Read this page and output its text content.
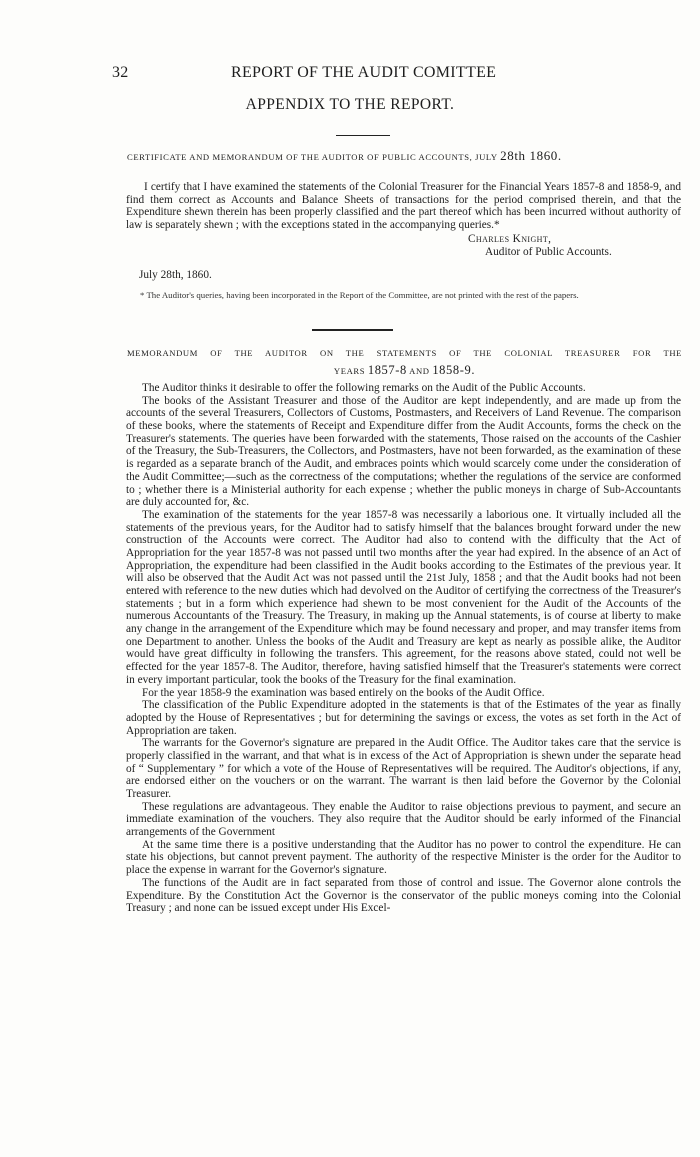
32	REPORT OF THE AUDIT COMITTEE
APPENDIX TO THE REPORT.
CERTIFICATE AND MEMORANDUM OF THE AUDITOR OF PUBLIC ACCOUNTS, JULY 28th 1860.
I certify that I have examined the statements of the Colonial Treasurer for the Financial Years 1857-8 and 1858-9, and find them correct as Accounts and Balance Sheets of transactions for the period comprised therein, and that the Expenditure shewn therein has been properly classified and the part thereof which has been incurred without authority of law is separately shewn ; with the exceptions stated in the accompanying queries.*
Charles Knight,
Auditor of Public Accounts.
July 28th, 1860.
* The Auditor's queries, having been incorporated in the Report of the Committee, are not printed with the rest of the papers.
MEMORANDUM OF THE AUDITOR ON THE STATEMENTS OF THE COLONIAL TREASURER FOR THE
YEARS 1857-8 AND 1858-9.

The Auditor thinks it desirable to offer the following remarks on the Audit of the Public Accounts.

The books of the Assistant Treasurer and those of the Auditor are kept independently, and are made up from the accounts of the several Treasurers, Collectors of Customs, Postmasters, and Receivers of Land Revenue. The comparison of these books, where the statements of Receipt and Expenditure differ from the Audit Accounts, forms the check on the Treasurer's statements. The queries have been forwarded with the statements, Those raised on the accounts of the Cashier of the Treasury, the Sub-Treasurers, the Collectors, and Postmasters, have not been forwarded, as the examination of these is regarded as a separate branch of the Audit, and embraces points which would scarcely come under the consideration of the Audit Committee;—such as the correctness of the computations; whether the regulations of the service are conformed to ; whether there is a Ministerial authority for each expense ; whether the public moneys in charge of Sub-Accountants are duly accounted for, &c.

The examination of the statements for the year 1857-8 was necessarily a laborious one. It virtually included all the statements of the previous years, for the Auditor had to satisfy himself that the balances brought forward under the new construction of the Accounts were correct. The Auditor had also to contend with the difficulty that the Act of Appropriation for the year 1857-8 was not passed until two months after the year had expired. In the absence of an Act of Appropriation, the expenditure had been classified in the Audit books according to the Estimates of the previous year. It will also be observed that the Audit Act was not passed until the 21st July, 1858 ; and that the Audit books had not been entered with reference to the new duties which had devolved on the Auditor of certifying the correctness of the Treasurer's statements ; but in a form which experience had shewn to be most convenient for the Audit of the Accounts of the numerous Accountants of the Treasury. The Treasury, in making up the Annual statements, is of course at liberty to make any change in the arrangement of the Expenditure which may be found necessary and proper, and may transfer items from one Department to another. Unless the books of the Audit and Treasury are kept as nearly as possible alike, the Auditor would have great difficulty in following the transfers. This agreement, for the reasons above stated, could not well be effected for the year 1857-8. The Auditor, therefore, having satisfied himself that the Treasurer's statements were correct in every important particular, took the books of the Treasury for the final examination.

For the year 1858-9 the examination was based entirely on the books of the Audit Office.

The classification of the Public Expenditure adopted in the statements is that of the Estimates of the year as finally adopted by the House of Representatives ; but for determining the savings or excess, the votes as set forth in the Act of Appropriation are taken.

The warrants for the Governor's signature are prepared in the Audit Office. The Auditor takes care that the service is properly classified in the warrant, and that what is in excess of the Act of Appropriation is shewn under the separate head of “ Supplementary ” for which a vote of the House of Representatives will be required. The Auditor's objections, if any, are endorsed either on the vouchers or on the warrant. The warrant is then laid before the Governor by the Colonial Treasurer.

These regulations are advantageous. They enable the Auditor to raise objections previous to payment, and secure an immediate examination of the vouchers. They also require that the Auditor should be early informed of the Financial arrangements of the Government

At the same time there is a positive understanding that the Auditor has no power to control the expenditure. He can state his objections, but cannot prevent payment. The authority of the respective Minister is the order for the Auditor to place the expense in warrant for the Governor's signature.

The functions of the Audit are in fact separated from those of control and issue. The Governor alone controls the Expenditure. By the Constitution Act the Governor is the conservator of the public moneys coming into the Colonial Treasury ; and none can be issued except under His Excel-
